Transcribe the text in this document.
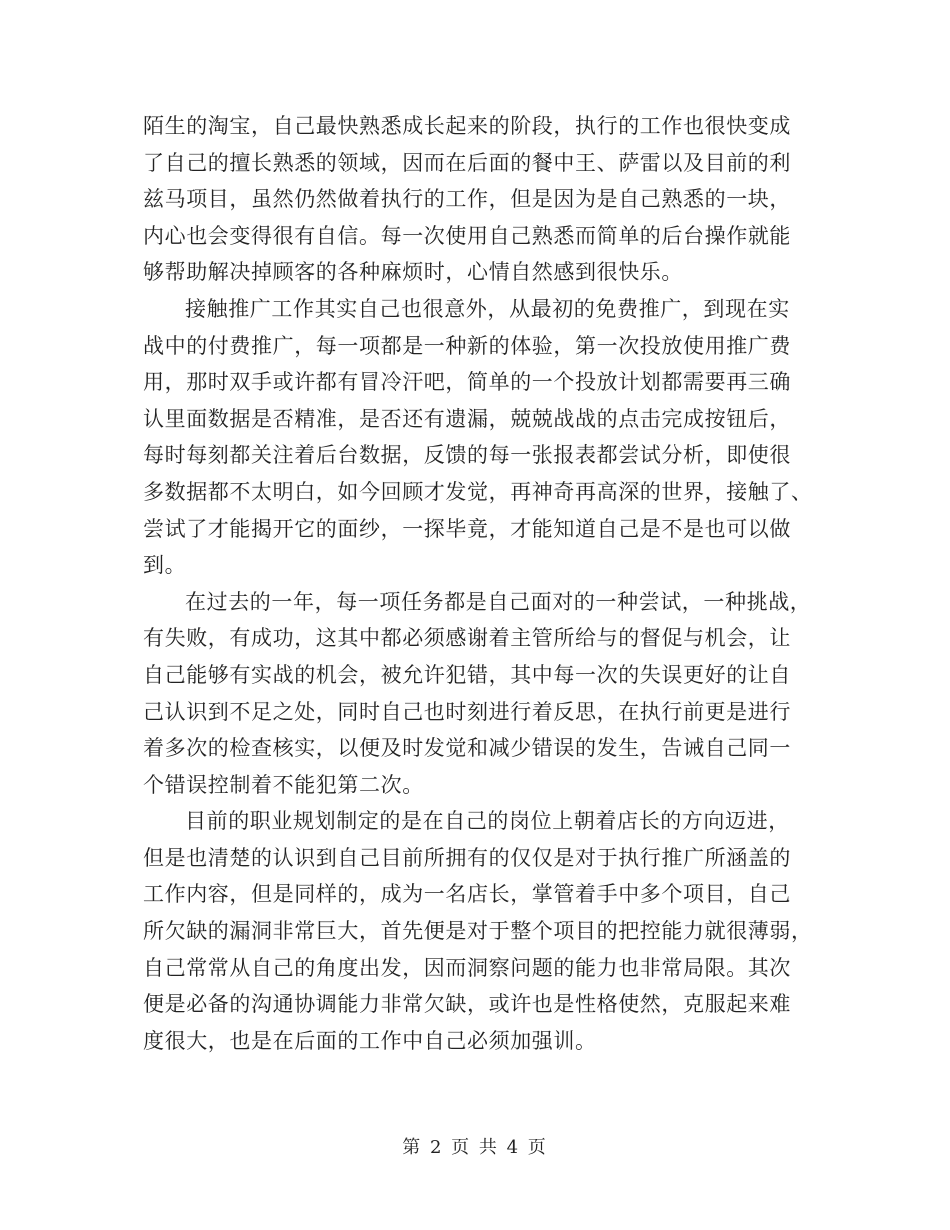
陌生的淘宝，自己最快熟悉成长起来的阶段，执行的工作也很快变成
了自己的擅长熟悉的领域，因而在后面的餐中王、萨雷以及目前的利
兹马项目，虽然仍然做着执行的工作，但是因为是自己熟悉的一块，
内心也会变得很有自信。每一次使用自己熟悉而简单的后台操作就能
够帮助解决掉顾客的各种麻烦时，心情自然感到很快乐。

接触推广工作其实自己也很意外，从最初的免费推广，到现在实
战中的付费推广，每一项都是一种新的体验，第一次投放使用推广费
用，那时双手或许都有冒冷汗吧，简单的一个投放计划都需要再三确
认里面数据是否精准，是否还有遗漏，兢兢战战的点击完成按钮后，
每时每刻都关注着后台数据，反馈的每一张报表都尝试分析，即使很
多数据都不太明白，如今回顾才发觉，再神奇再高深的世界，接触了、
尝试了才能揭开它的面纱，一探毕竟，才能知道自己是不是也可以做
到。

在过去的一年，每一项任务都是自己面对的一种尝试，一种挑战，
有失败，有成功，这其中都必须感谢着主管所给与的督促与机会，让
自己能够有实战的机会，被允许犯错，其中每一次的失误更好的让自
己认识到不足之处，同时自己也时刻进行着反思，在执行前更是进行
着多次的检查核实，以便及时发觉和减少错误的发生，告诫自己同一
个错误控制着不能犯第二次。

目前的职业规划制定的是在自己的岗位上朝着店长的方向迈进，
但是也清楚的认识到自己目前所拥有的仅仅是对于执行推广所涵盖的
工作内容，但是同样的，成为一名店长，掌管着手中多个项目，自己
所欠缺的漏洞非常巨大，首先便是对于整个项目的把控能力就很薄弱，
自己常常从自己的角度出发，因而洞察问题的能力也非常局限。其次
便是必备的沟通协调能力非常欠缺，或许也是性格使然，克服起来难
度很大，也是在后面的工作中自己必须加强训。

第 2 页 共 4 页
